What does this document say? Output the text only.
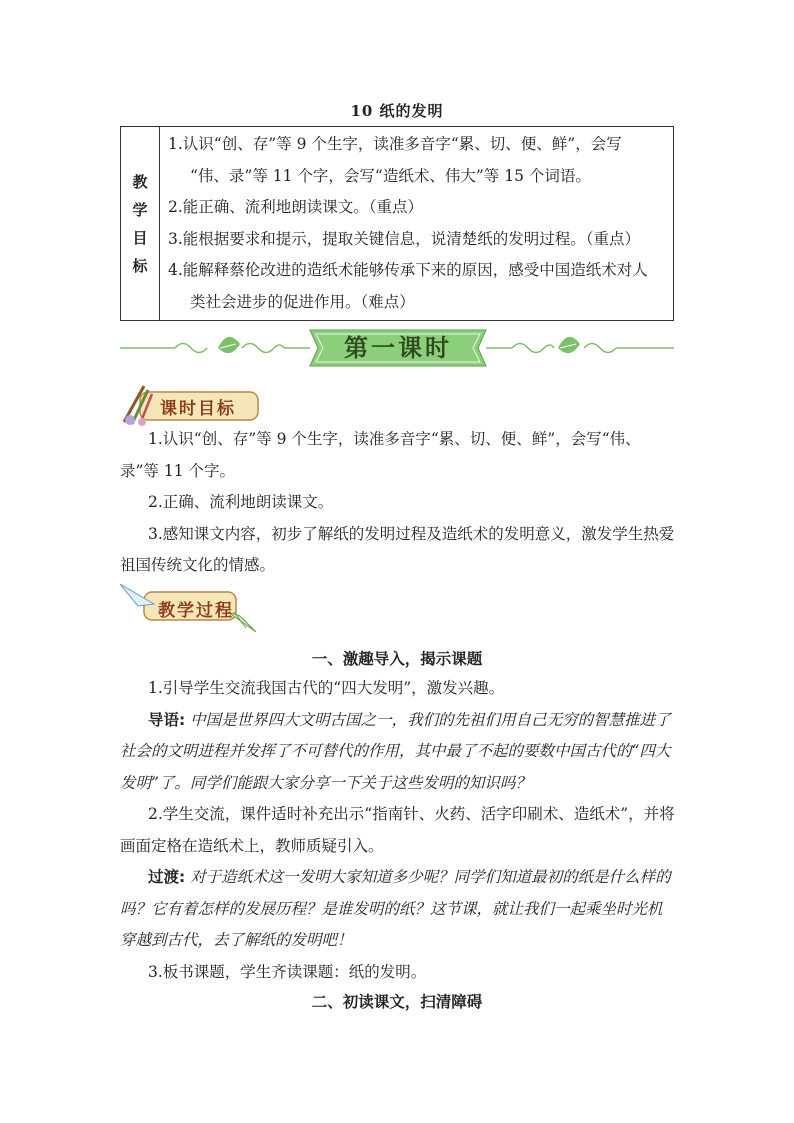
10 纸的发明
教
学
目
标

1.认识“创、存”等 9 个生字，读准多音字“累、切、便、鲜”，会写
“伟、录”等 11 个字，会写“造纸术、伟大”等 15 个词语。
2.能正确、流利地朗读课文。（重点）
3.能根据要求和提示，提取关键信息，说清楚纸的发明过程。（重点）
4.能解释蔡伦改进的造纸术能够传承下来的原因，感受中国造纸术对人
类社会进步的促进作用。（难点）
第一课时
课时目标

1.认识“创、存”等 9 个生字，读准多音字“累、切、便、鲜”，会写“伟、录”等 11 个字。

2.正确、流利地朗读课文。

3.感知课文内容，初步了解纸的发明过程及造纸术的发明意义，激发学生热爱祖国传统文化的情感。

教学过程
一、激趣导入，揭示课题

1.引导学生交流我国古代的“四大发明”，激发兴趣。

导语: 中国是世界四大文明古国之一，我们的先祖们用自己无穷的智慧推进了社会的文明进程并发挥了不可替代的作用，其中最了不起的要数中国古代的“四大发明”了。同学们能跟大家分享一下关于这些发明的知识吗？

2.学生交流，课件适时补充出示“指南针、火药、活字印刷术、造纸术”，并将画面定格在造纸术上，教师质疑引入。

过渡: 对于造纸术这一发明大家知道多少呢？同学们知道最初的纸是什么样的吗？它有着怎样的发展历程？是谁发明的纸？这节课，就让我们一起乘坐时光机穿越到古代，去了解纸的发明吧！

3.板书课题，学生齐读课题：纸的发明。

二、初读课文，扫清障碍
